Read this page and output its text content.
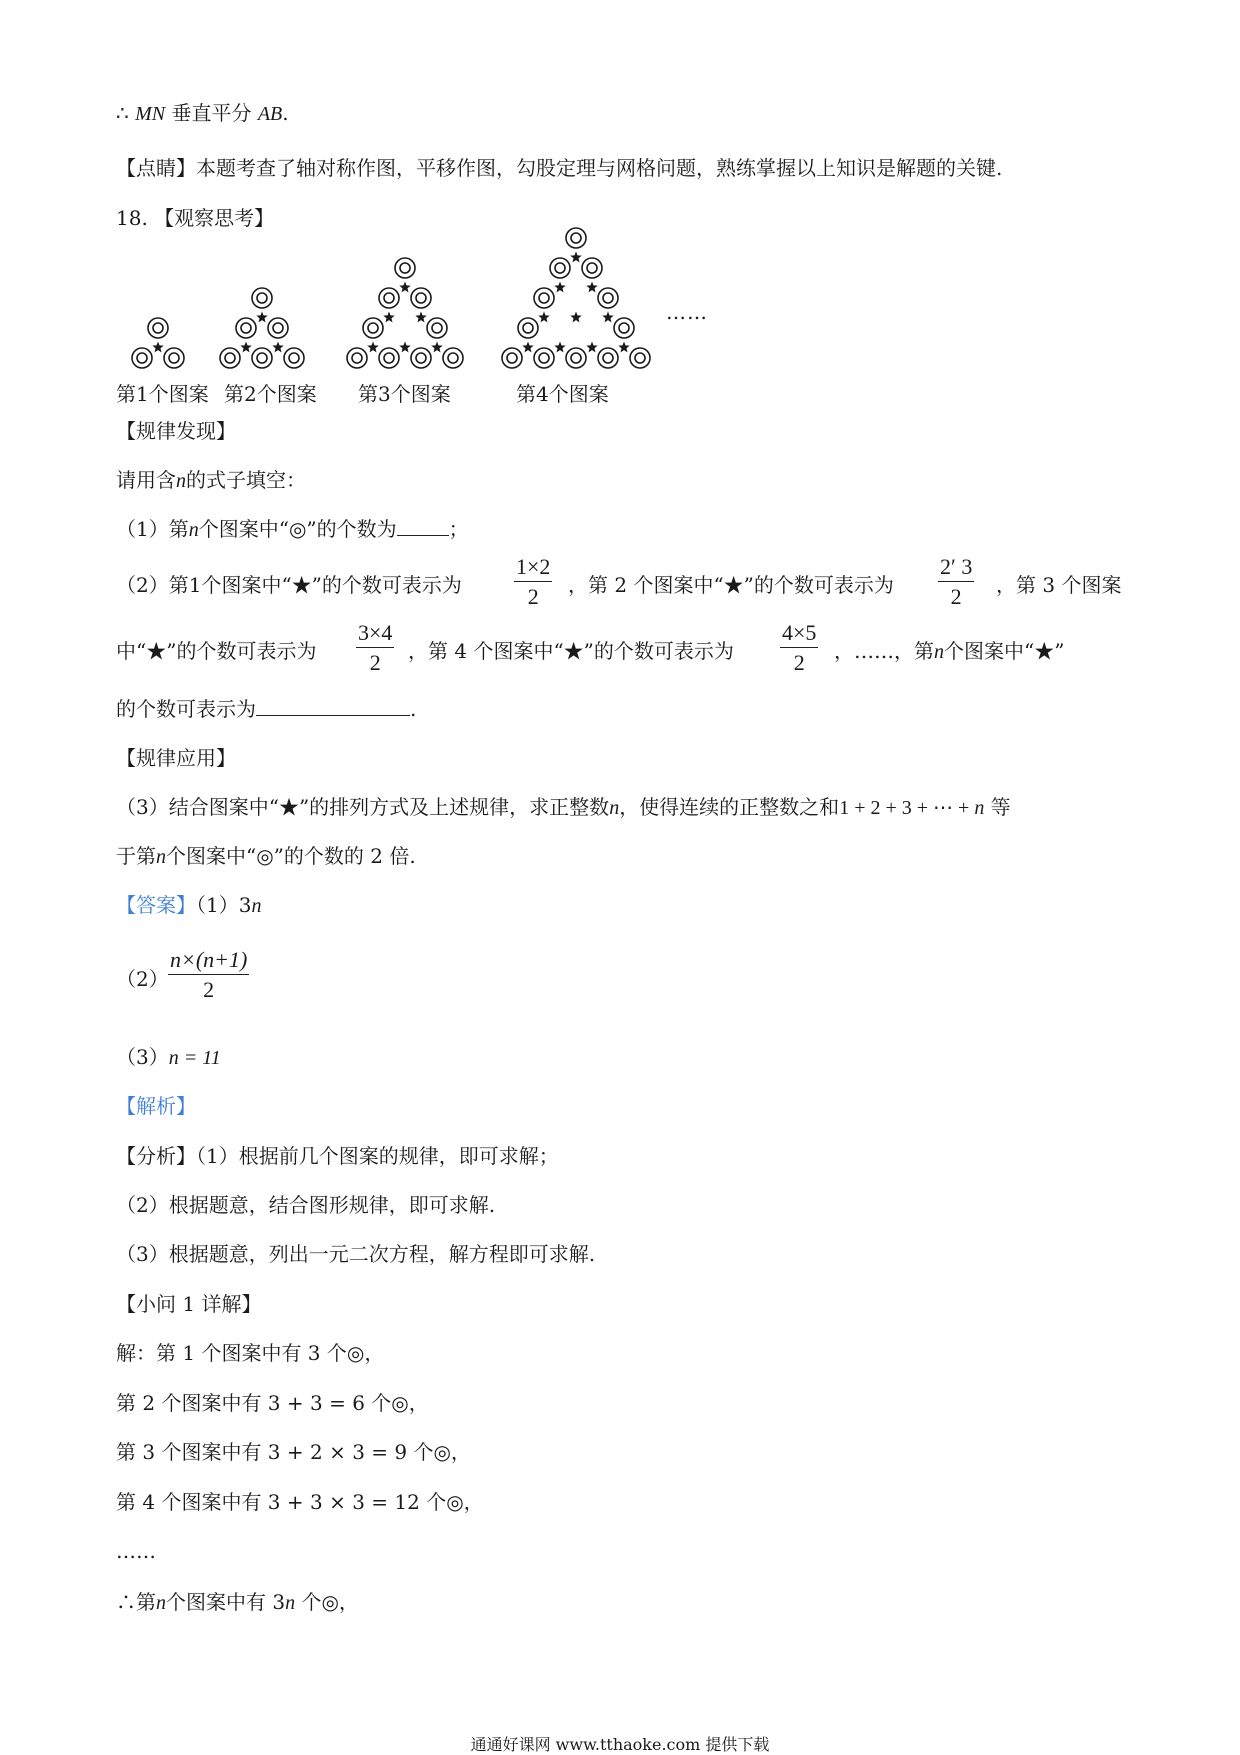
∴ MN 垂直平分 AB.
【点睛】本题考查了轴对称作图，平移作图，勾股定理与网格问题，熟练掌握以上知识是解题的关键.
18. 【观察思考】
第1个图案 第2个图案 第3个图案	第4个图案
……
【规律发现】
请用含n的式子填空：
（1）第n个图案中“◎”的个数为	；
（2）第1个图案中“★”的个数可表示为 $\frac{1\times 2}{2}$ ，第 2 个图案中“★”的个数可表示为 $\frac{2' 3}{2}$ ，第 3 个图案
中“★”的个数可表示为 $\frac{3\times 4}{2}$ ，第 4 个图案中“★”的个数可表示为 $\frac{4\times 5}{2}$ ，……，第n个图案中“★”
的个数可表示为	.
【规律应用】
（3）结合图案中“★”的排列方式及上述规律，求正整数n，使得连续的正整数之和1 + 2 + 3 + ⋯ + n 等
于第n个图案中“◎”的个数的 2 倍.
【答案】（1）3n
$(2) \frac{n\times(n+1)}{2}$
（3）n = 11
【解析】
【分析】（1）根据前几个图案的规律，即可求解；
（2）根据题意，结合图形规律，即可求解.
（3）根据题意，列出一元二次方程，解方程即可求解.
【小问 1 详解】
解：第 1 个图案中有 3 个◎，
第 2 个图案中有 3 + 3 = 6 个◎，
第 3 个图案中有 3 + 2 × 3 = 9 个◎，
第 4 个图案中有 3 + 3 × 3 = 12 个◎，
……
∴第n个图案中有 3n 个◎，
通通好课网 www.tthaoke.com 提供下载
